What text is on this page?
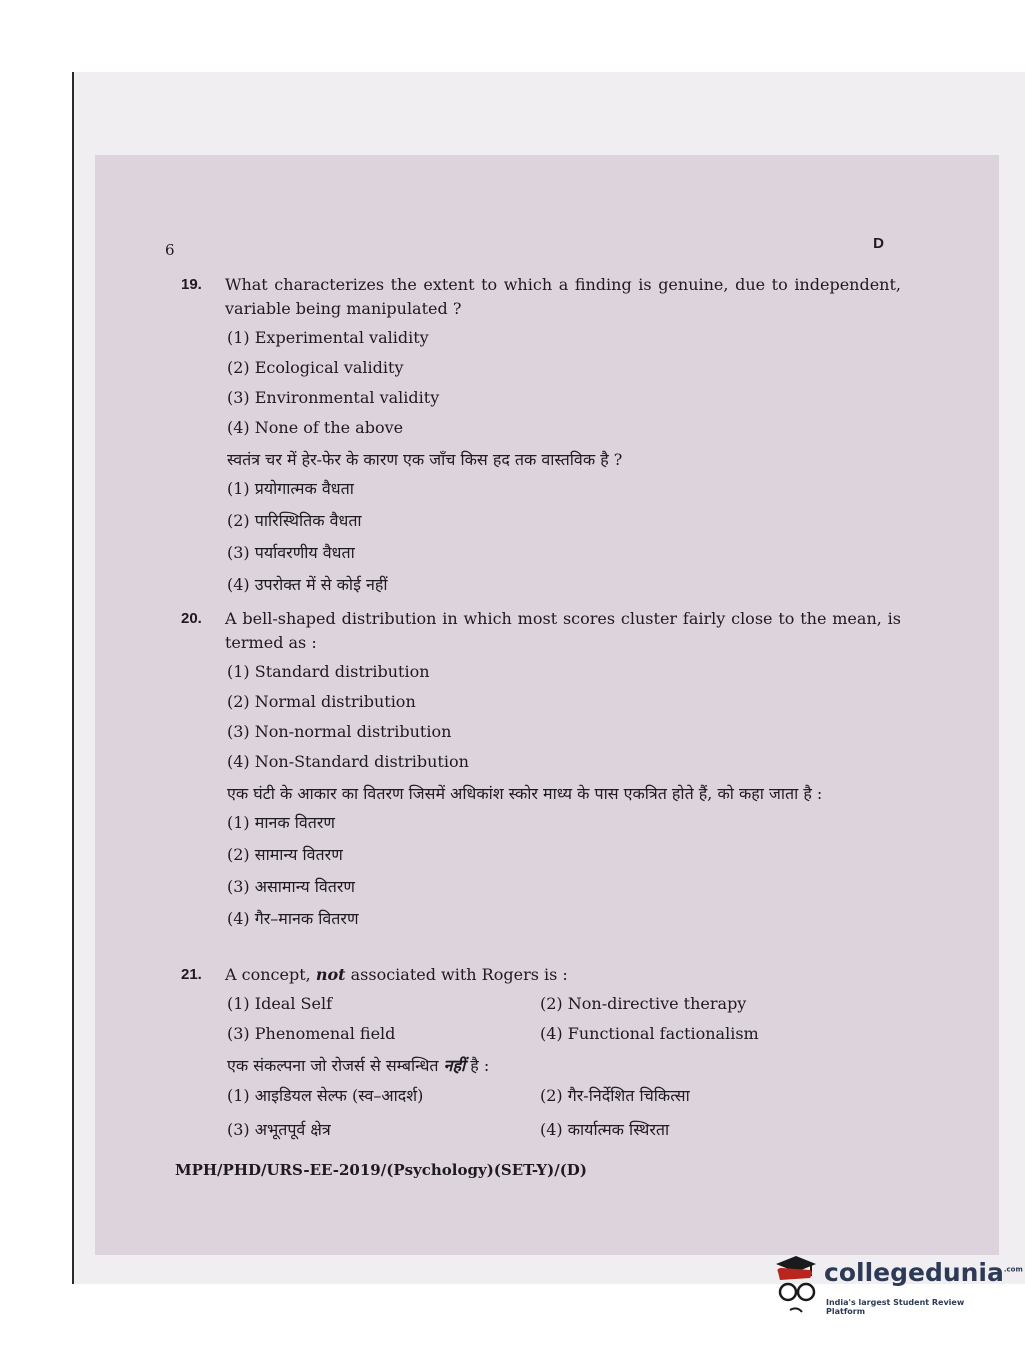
6	D
19. What characterizes the extent to which a finding is genuine, due to independent, variable being manipulated ?
(1) Experimental validity
(2) Ecological validity
(3) Environmental validity
(4) None of the above
स्वतंत्र चर में हेर-फेर के कारण एक जाँच किस हद तक वास्तविक है ?
(1) प्रयोगात्मक वैधता
(2) पारिस्थितिक वैधता
(3) पर्यावरणीय वैधता
(4) उपरोक्त में से कोई नहीं
20. A bell-shaped distribution in which most scores cluster fairly close to the mean, is termed as :
(1) Standard distribution
(2) Normal distribution
(3) Non-normal distribution
(4) Non-Standard distribution
एक घंटी के आकार का वितरण जिसमें अधिकांश स्कोर माध्य के पास एकत्रित होते हैं, को कहा जाता है :
(1) मानक वितरण
(2) सामान्य वितरण
(3) असामान्य वितरण
(4) गैर–मानक वितरण
21. A concept, not associated with Rogers is :
(1) Ideal Self	(2) Non-directive therapy
(3) Phenomenal field	(4) Functional factionalism
एक संकल्पना जो रोजर्स से सम्बन्धित नहीं है :
(1) आइडियल सेल्फ (स्व–आदर्श)	(2) गैर-निर्देशित चिकित्सा
(3) अभूतपूर्व क्षेत्र	(4) कार्यात्मक स्थिरता
MPH/PHD/URS-EE-2019/(Psychology)(SET-Y)/(D)
collegedunia$^{.com}$
India's largest Student Review Platform
